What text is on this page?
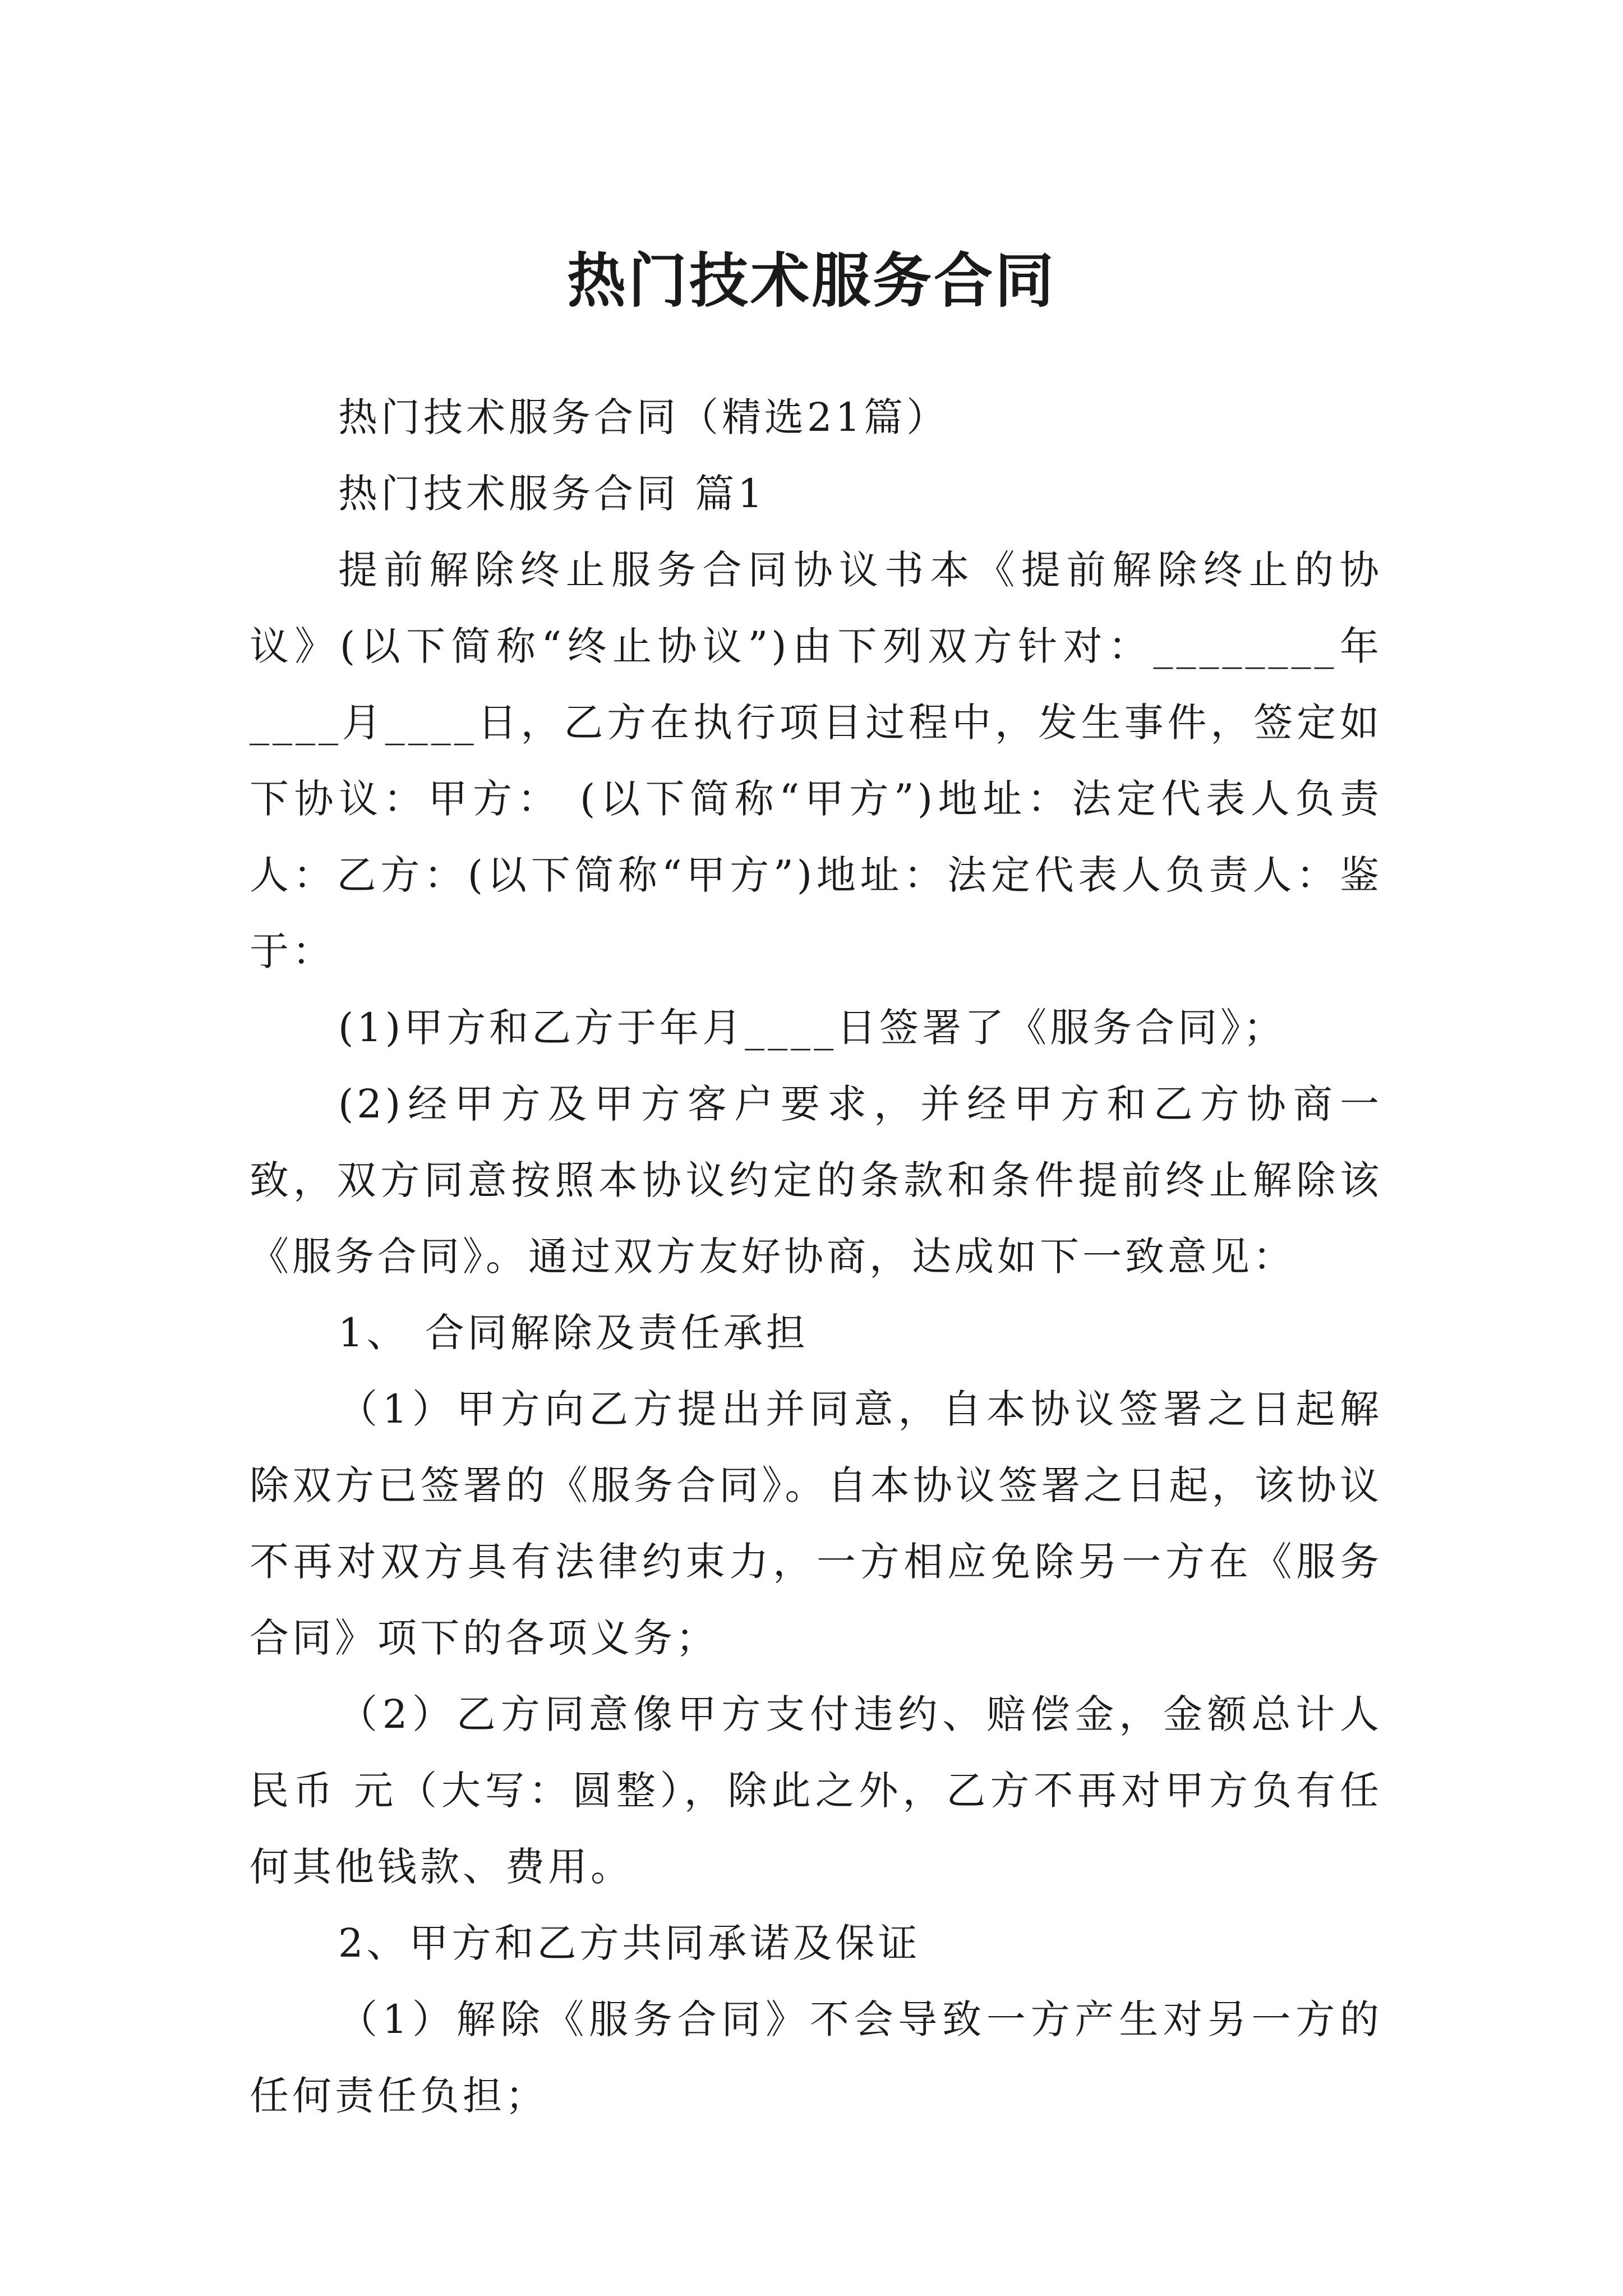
热门技术服务合同

热门技术服务合同（精选21篇）

热门技术服务合同 篇1

提前解除终止服务合同协议书本《提前解除终止的协议》(以下简称“终止协议”)由下列双方针对：________年____月____日，乙方在执行项目过程中，发生事件，签定如下协议：甲方： (以下简称“甲方”)地址：法定代表人负责人：乙方：(以下简称“甲方”)地址：法定代表人负责人：鉴于：

(1)甲方和乙方于年月____日签署了《服务合同》；

(2)经甲方及甲方客户要求，并经甲方和乙方协商一致，双方同意按照本协议约定的条款和条件提前终止解除该《服务合同》。通过双方友好协商，达成如下一致意见：

1、 合同解除及责任承担

（1）甲方向乙方提出并同意，自本协议签署之日起解除双方已签署的《服务合同》。自本协议签署之日起，该协议不再对双方具有法律约束力，一方相应免除另一方在《服务合同》项下的各项义务；

（2）乙方同意像甲方支付违约、赔偿金，金额总计人民币 元（大写：圆整），除此之外，乙方不再对甲方负有任何其他钱款、费用。

2、甲方和乙方共同承诺及保证

（1）解除《服务合同》不会导致一方产生对另一方的任何责任负担；
